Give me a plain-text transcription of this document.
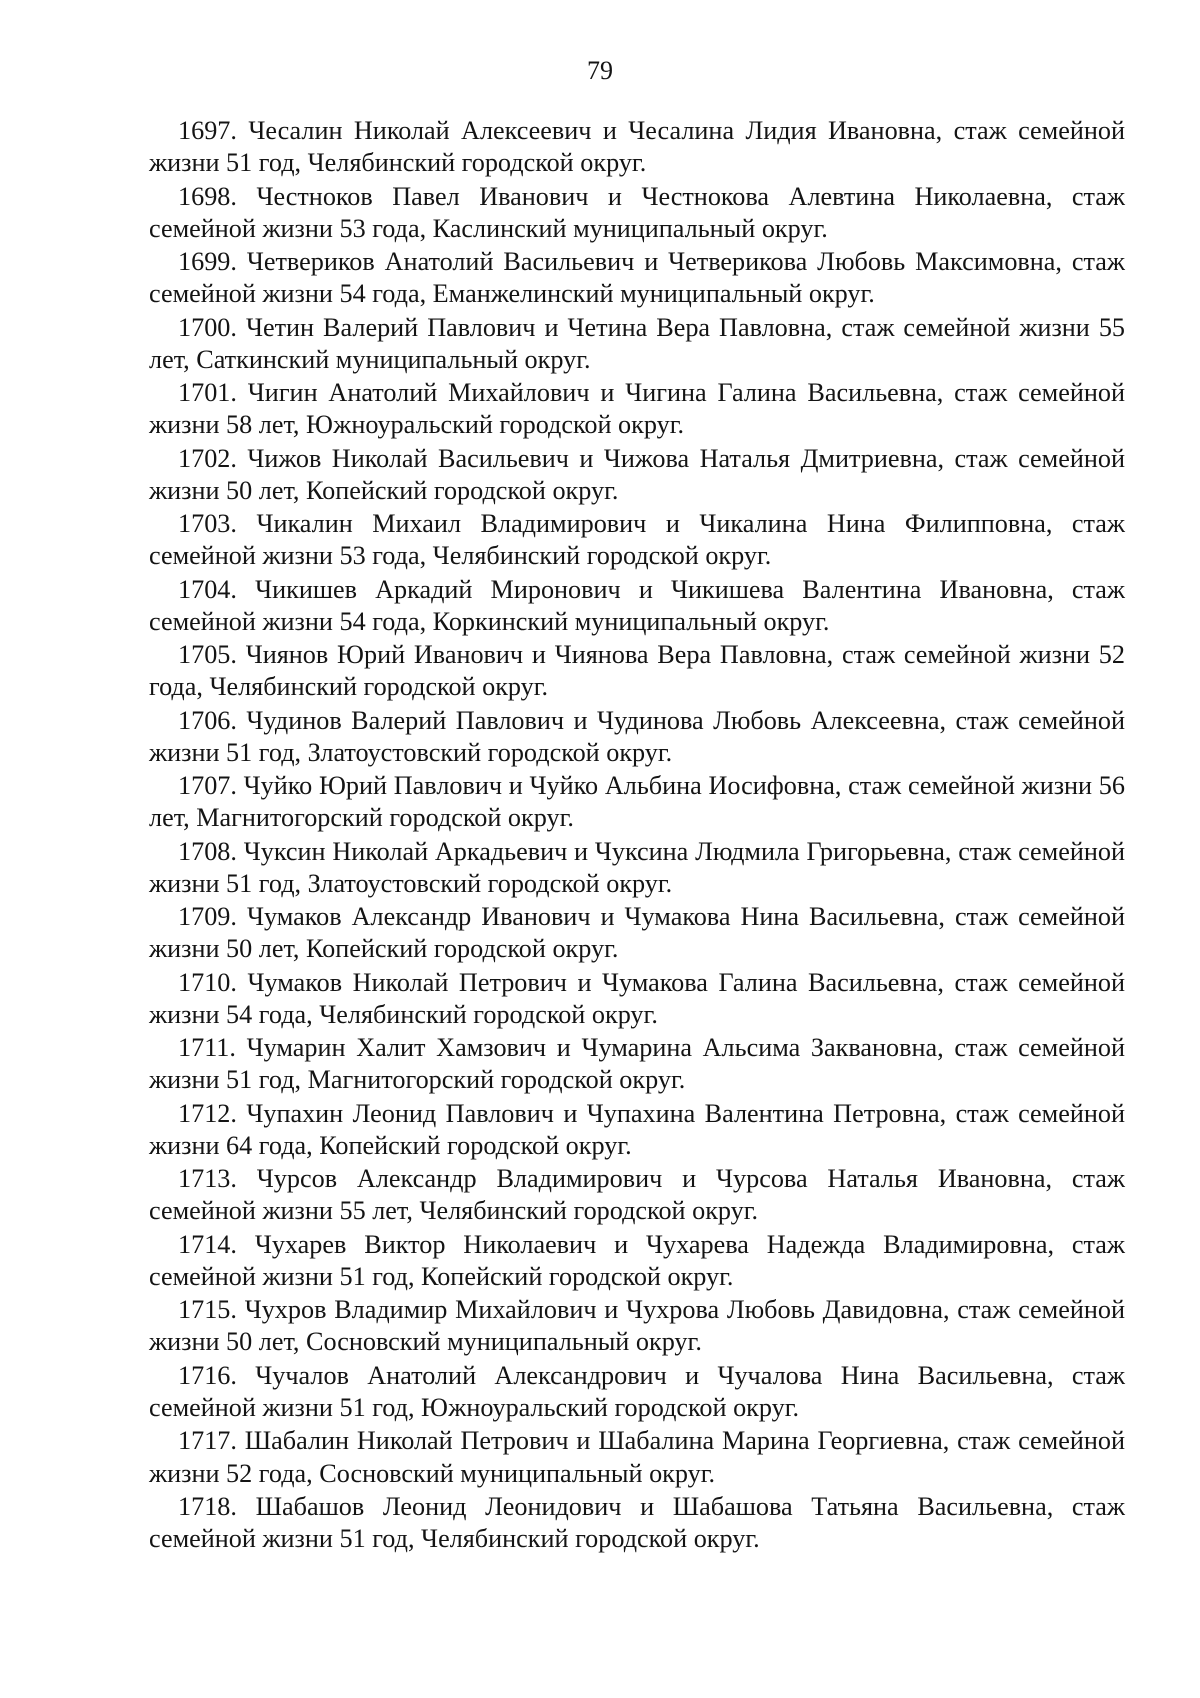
79

1697. Чесалин Николай Алексеевич и Чесалина Лидия Ивановна, стаж семейной жизни 51 год, Челябинский городской округ.

1698. Честноков Павел Иванович и Честнокова Алевтина Николаевна, стаж семейной жизни 53 года, Каслинский муниципальный округ.

1699. Четвериков Анатолий Васильевич и Четверикова Любовь Максимовна, стаж семейной жизни 54 года, Еманжелинский муниципальный округ.

1700. Четин Валерий Павлович и Четина Вера Павловна, стаж семейной жизни 55 лет, Саткинский муниципальный округ.

1701. Чигин Анатолий Михайлович и Чигина Галина Васильевна, стаж семейной жизни 58 лет, Южноуральский городской округ.

1702. Чижов Николай Васильевич и Чижова Наталья Дмитриевна, стаж семейной жизни 50 лет, Копейский городской округ.

1703. Чикалин Михаил Владимирович и Чикалина Нина Филипповна, стаж семейной жизни 53 года, Челябинский городской округ.

1704. Чикишев Аркадий Миронович и Чикишева Валентина Ивановна, стаж семейной жизни 54 года, Коркинский муниципальный округ.

1705. Чиянов Юрий Иванович и Чиянова Вера Павловна, стаж семейной жизни 52 года, Челябинский городской округ.

1706. Чудинов Валерий Павлович и Чудинова Любовь Алексеевна, стаж семейной жизни 51 год, Златоустовский городской округ.

1707. Чуйко Юрий Павлович и Чуйко Альбина Иосифовна, стаж семейной жизни 56 лет, Магнитогорский городской округ.

1708. Чуксин Николай Аркадьевич и Чуксина Людмила Григорьевна, стаж семейной жизни 51 год, Златоустовский городской округ.

1709. Чумаков Александр Иванович и Чумакова Нина Васильевна, стаж семейной жизни 50 лет, Копейский городской округ.

1710. Чумаков Николай Петрович и Чумакова Галина Васильевна, стаж семейной жизни 54 года, Челябинский городской округ.

1711. Чумарин Халит Хамзович и Чумарина Альсима Заквановна, стаж семейной жизни 51 год, Магнитогорский городской округ.

1712. Чупахин Леонид Павлович и Чупахина Валентина Петровна, стаж семейной жизни 64 года, Копейский городской округ.

1713. Чурсов Александр Владимирович и Чурсова Наталья Ивановна, стаж семейной жизни 55 лет, Челябинский городской округ.

1714. Чухарев Виктор Николаевич и Чухарева Надежда Владимировна, стаж семейной жизни 51 год, Копейский городской округ.

1715. Чухров Владимир Михайлович и Чухрова Любовь Давидовна, стаж семейной жизни 50 лет, Сосновский муниципальный округ.

1716. Чучалов Анатолий Александрович и Чучалова Нина Васильевна, стаж семейной жизни 51 год, Южноуральский городской округ.

1717. Шабалин Николай Петрович и Шабалина Марина Георгиевна, стаж семейной жизни 52 года, Сосновский муниципальный округ.

1718. Шабашов Леонид Леонидович и Шабашова Татьяна Васильевна, стаж семейной жизни 51 год, Челябинский городской округ.
